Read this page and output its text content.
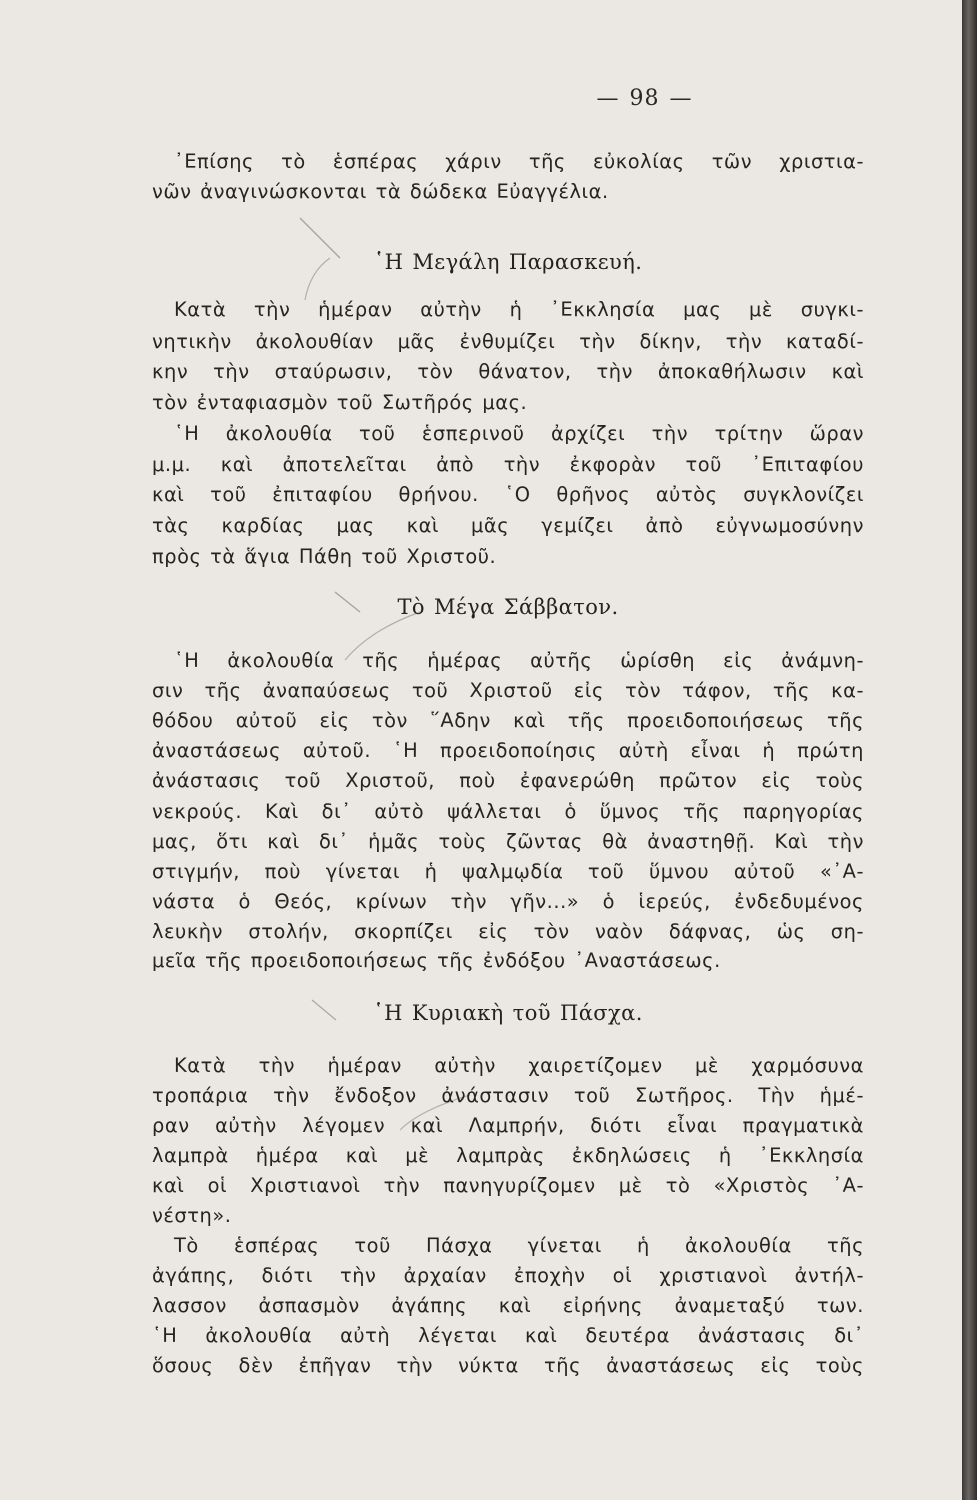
— 98 —
᾿Επίσης τὸ ἑσπέρας χάριν τῆς εὐκολίας τῶν χριστια-
νῶν ἀναγινώσκονται τὰ δώδεκα Εὐαγγέλια.
῾Η Μεγάλη Παρασκευή.
Κατὰ τὴν ἡμέραν αὐτὴν ἡ ᾿Εκκλησία μας μὲ συγκι-
νητικὴν ἀκολουθίαν μᾶς ἐνθυμίζει τὴν δίκην, τὴν καταδί-
κην τὴν σταύρωσιν, τὸν θάνατον, τὴν ἀποκαθήλωσιν καὶ
τὸν ἐνταφιασμὸν τοῦ Σωτῆρός μας.
῾Η ἀκολουθία τοῦ ἑσπερινοῦ ἀρχίζει τὴν τρίτην ὥραν
μ.μ. καὶ ἀποτελεῖται ἀπὸ τὴν ἐκφορὰν τοῦ ᾿Επιταφίου
καὶ τοῦ ἐπιταφίου θρήνου. ῾Ο θρῆνος αὐτὸς συγκλονίζει
τὰς καρδίας μας καὶ μᾶς γεμίζει ἀπὸ εὐγνωμοσύνην
πρὸς τὰ ἅγια Πάθη τοῦ Χριστοῦ.
Τὸ Μέγα Σάββατον.
῾Η ἀκολουθία τῆς ἡμέρας αὐτῆς ὡρίσθη εἰς ἀνάμνη-
σιν τῆς ἀναπαύσεως τοῦ Χριστοῦ εἰς τὸν τάφον, τῆς κα-
θόδου αὐτοῦ εἰς τὸν ῞Αδην καὶ τῆς προειδοποιήσεως τῆς
ἀναστάσεως αὐτοῦ. ῾Η προειδοποίησις αὐτὴ εἶναι ἡ πρώτη
ἀνάστασις τοῦ Χριστοῦ, ποὺ ἐφανερώθη πρῶτον εἰς τοὺς
νεκρούς. Καὶ δι᾿ αὐτὸ ψάλλεται ὁ ὕμνος τῆς παρηγορίας
μας, ὅτι καὶ δι᾿ ἡμᾶς τοὺς ζῶντας θὰ ἀναστηθῇ. Καὶ τὴν
στιγμήν, ποὺ γίνεται ἡ ψαλμῳδία τοῦ ὕμνου αὐτοῦ «᾿Α-
νάστα ὁ Θεός, κρίνων τὴν γῆν...» ὁ ἱερεύς, ἐνδεδυμένος
λευκὴν στολήν, σκορπίζει εἰς τὸν ναὸν δάφνας, ὡς ση-
μεῖα τῆς προειδοποιήσεως τῆς ἐνδόξου ᾿Αναστάσεως.
῾Η Κυριακὴ τοῦ Πάσχα.
Κατὰ τὴν ἡμέραν αὐτὴν χαιρετίζομεν μὲ χαρμόσυνα
τροπάρια τὴν ἔνδοξον ἀνάστασιν τοῦ Σωτῆρος. Τὴν ἡμέ-
ραν αὐτὴν λέγομεν καὶ Λαμπρήν, διότι εἶναι πραγματικὰ
λαμπρὰ ἡμέρα καὶ μὲ λαμπρὰς ἐκδηλώσεις ἡ ᾿Εκκλησία
καὶ οἱ Χριστιανοὶ τὴν πανηγυρίζομεν μὲ τὸ «Χριστὸς ᾿Α-
νέστη».
Τὸ ἑσπέρας τοῦ Πάσχα γίνεται ἡ ἀκολουθία τῆς
ἀγάπης, διότι τὴν ἀρχαίαν ἐποχὴν οἱ χριστιανοὶ ἀντήλ-
λασσον ἀσπασμὸν ἀγάπης καὶ εἰρήνης ἀναμεταξύ των.
῾Η ἀκολουθία αὐτὴ λέγεται καὶ δευτέρα ἀνάστασις δι᾿
ὅσους δὲν ἐπῆγαν τὴν νύκτα τῆς ἀναστάσεως εἰς τοὺς
